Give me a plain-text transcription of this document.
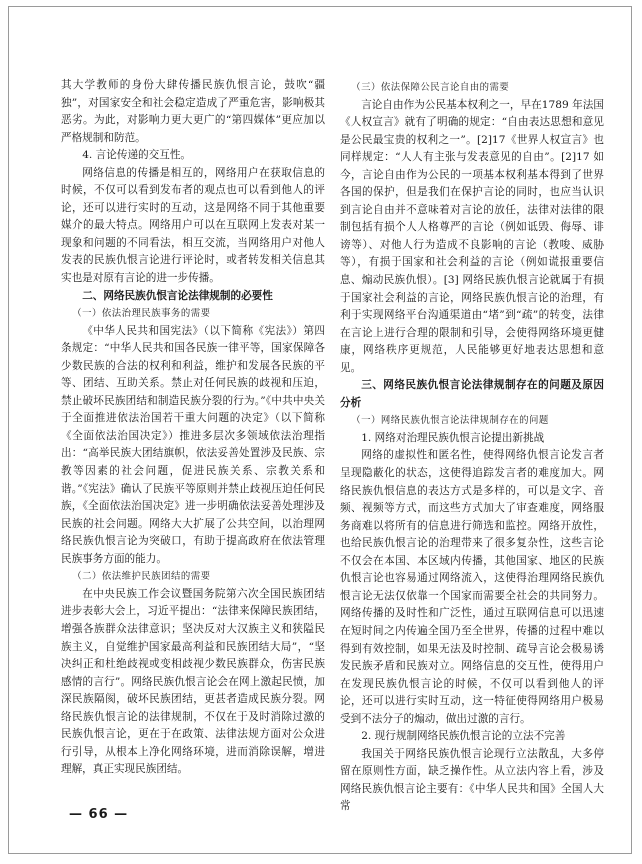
其大学教师的身份大肆传播民族仇恨言论，鼓吹“疆独”，对国家安全和社会稳定造成了严重危害，影响极其恶劣。为此，对影响力更大更广的“第四媒体”更应加以严格规制和防范。

4. 言论传递的交互性。

网络信息的传播是相互的，网络用户在获取信息的时候，不仅可以看到发布者的观点也可以看到他人的评论，还可以进行实时的互动，这是网络不同于其他重要媒介的最大特点。网络用户可以在互联网上发表对某一现象和问题的不同看法，相互交流，当网络用户对他人发表的民族仇恨言论进行评论时，或者转发相关信息其实也是对原有言论的进一步传播。

二、网络民族仇恨言论法律规制的必要性

（一）依法治理民族事务的需要

《中华人民共和国宪法》（以下简称《宪法》）第四条规定：“中华人民共和国各民族一律平等，国家保障各少数民族的合法的权利和利益，维护和发展各民族的平等、团结、互助关系。禁止对任何民族的歧视和压迫，禁止破坏民族团结和制造民族分裂的行为。”《中共中央关于全面推进依法治国若干重大问题的决定》（以下简称《全面依法治国决定》）推进多层次多领域依法治理指出：“高举民族大团结旗帜，依法妥善处置涉及民族、宗教等因素的社会问题，促进民族关系、宗教关系和谐。”《宪法》确认了民族平等原则并禁止歧视压迫任何民族，《全面依法治国决定》进一步明确依法妥善处理涉及民族的社会问题。网络大大扩展了公共空间，以治理网络民族仇恨言论为突破口，有助于提高政府在依法管理民族事务方面的能力。

（二）依法维护民族团结的需要

在中央民族工作会议暨国务院第六次全国民族团结进步表彰大会上，习近平提出：“法律来保障民族团结，增强各族群众法律意识；坚决反对大汉族主义和狭隘民族主义，自觉维护国家最高利益和民族团结大局”，“坚决纠正和杜绝歧视或变相歧视少数民族群众，伤害民族感情的言行”。网络民族仇恨言论会在网上激起民愤，加深民族隔阂，破坏民族团结，更甚者造成民族分裂。网络民族仇恨言论的法律规制，不仅在于及时消除过激的民族仇恨言论，更在于在政策、法律法规方面对公众进行引导，从根本上净化网络环境，进而消除误解，增进理解，真正实现民族团结。

（三）依法保障公民言论自由的需要

言论自由作为公民基本权利之一，早在1789 年法国《人权宣言》就有了明确的规定：“自由表达思想和意见是公民最宝贵的权利之一”。[2]17《世界人权宣言》也同样规定：“人人有主张与发表意见的自由”。[2]17 如今，言论自由作为公民的一项基本权利基本得到了世界各国的保护，但是我们在保护言论的同时，也应当认识到言论自由并不意味着对言论的放任，法律对法律的限制包括有损个人人格尊严的言论（例如诋毁、侮辱、诽谤等）、对他人行为造成不良影响的言论（教唆、威胁等），有损于国家和社会利益的言论（例如谎报重要信息、煽动民族仇恨）。[3] 网络民族仇恨言论就属于有损于国家社会利益的言论，网络民族仇恨言论的治理，有利于实现网络平台沟通渠道由“堵”到“疏”的转变，法律在言论上进行合理的限制和引导，会使得网络环境更健康，网络秩序更规范，人民能够更好地表达思想和意见。

三、网络民族仇恨言论法律规制存在的问题及原因分析

（一）网络民族仇恨言论法律规制存在的问题

1. 网络对治理民族仇恨言论提出新挑战

网络的虚拟性和匿名性，使得网络仇恨言论发言者呈现隐蔽化的状态，这使得追踪发言者的难度加大。网络民族仇恨信息的表达方式是多样的，可以是文字、音频、视频等方式，而这些方式加大了审查难度，网络服务商难以将所有的信息进行筛选和监控。网络开放性，也给民族仇恨言论的治理带来了很多复杂性，这些言论不仅会在本国、本区域内传播，其他国家、地区的民族仇恨言论也容易通过网络流入，这使得治理网络民族仇恨言论无法仅依靠一个国家而需要全社会的共同努力。网络传播的及时性和广泛性，通过互联网信息可以迅速在短时间之内传遍全国乃至全世界，传播的过程中难以得到有效控制，如果无法及时控制、疏导言论会极易诱发民族矛盾和民族对立。网络信息的交互性，使得用户在发现民族仇恨言论的时候，不仅可以看到他人的评论，还可以进行实时互动，这一特征使得网络用户极易受到不法分子的煽动，做出过激的言行。

2. 现行规制网络民族仇恨言论的立法不完善

我国关于网络民族仇恨言论现行立法散乱，大多停留在原则性方面，缺乏操作性。从立法内容上看，涉及网络民族仇恨言论主要有：《中华人民共和国》全国人大常

— 66 —
